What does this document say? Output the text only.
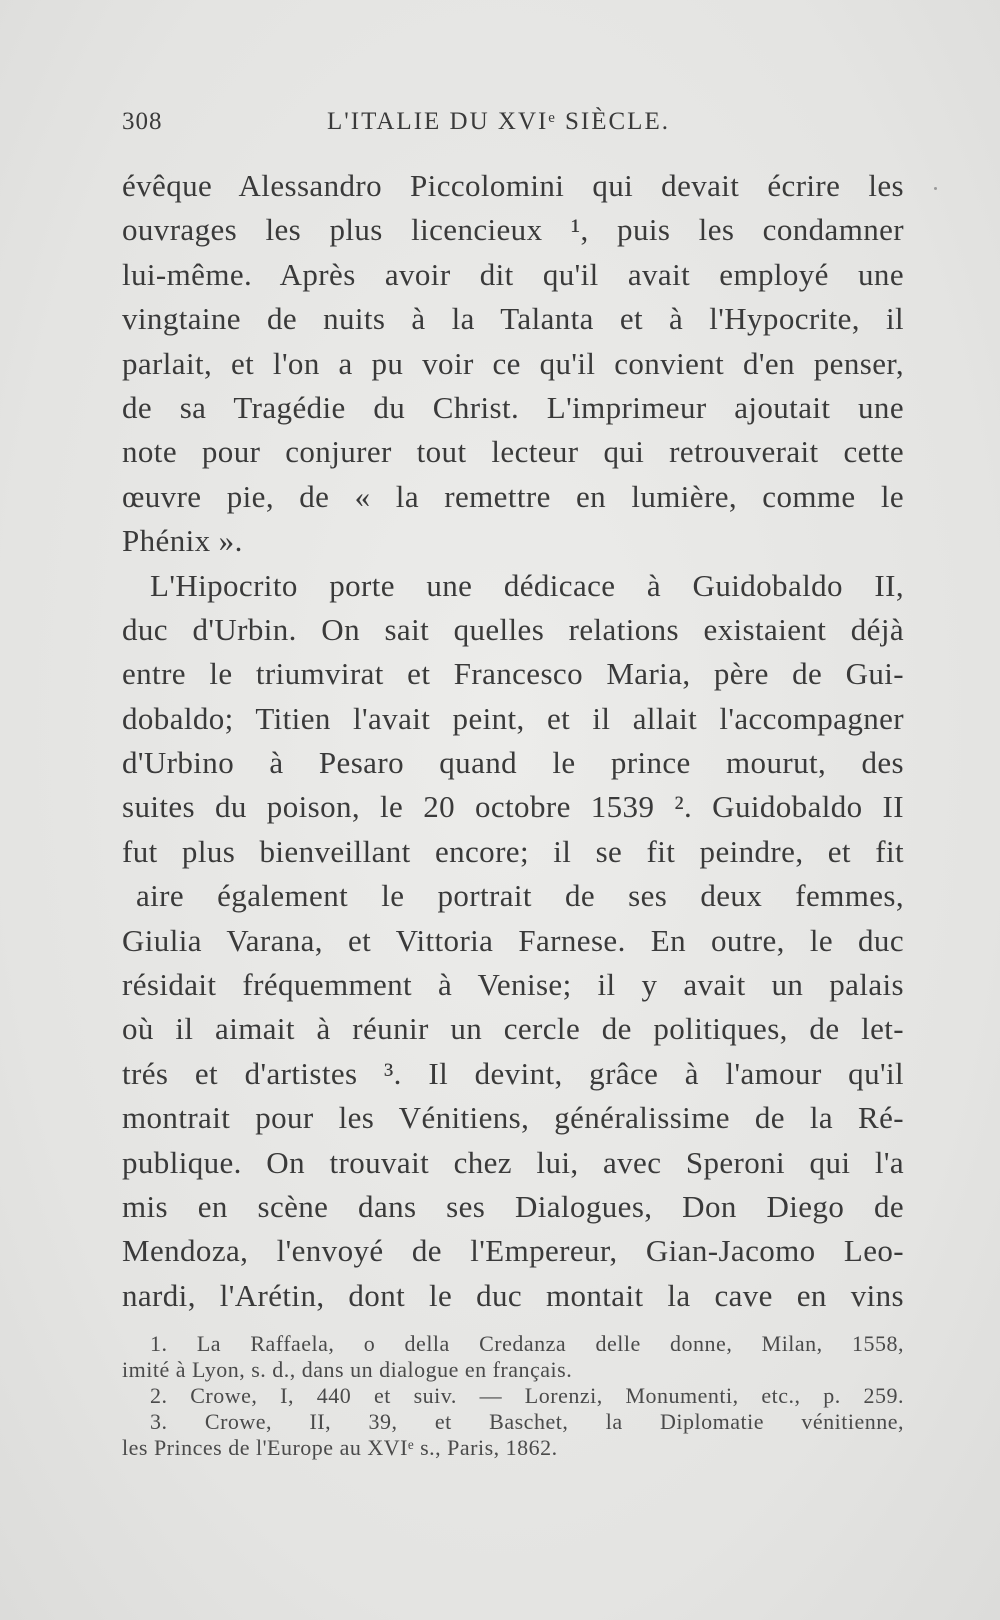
308	L'ITALIE DU XVIᵉ SIÈCLE.
évêque Alessandro Piccolomini qui devait écrire les
ouvrages les plus licencieux ¹, puis les condamner
lui-même. Après avoir dit qu'il avait employé une
vingtaine de nuits à la Talanta et à l'Hypocrite, il
parlait, et l'on a pu voir ce qu'il convient d'en penser,
de sa Tragédie du Christ. L'imprimeur ajoutait une
note pour conjurer tout lecteur qui retrouverait cette
œuvre pie, de « la remettre en lumière, comme le
Phénix ».
L'Hipocrito porte une dédicace à Guidobaldo II,
duc d'Urbin. On sait quelles relations existaient déjà
entre le triumvirat et Francesco Maria, père de Gui-
dobaldo; Titien l'avait peint, et il allait l'accompagner
d'Urbino à Pesaro quand le prince mourut, des
suites du poison, le 20 octobre 1539 ². Guidobaldo II
fut plus bienveillant encore; il se fit peindre, et fit
aire également le portrait de ses deux femmes,
Giulia Varana, et Vittoria Farnese. En outre, le duc
résidait fréquemment à Venise; il y avait un palais
où il aimait à réunir un cercle de politiques, de let-
trés et d'artistes ³. Il devint, grâce à l'amour qu'il
montrait pour les Vénitiens, généralissime de la Ré-
publique. On trouvait chez lui, avec Speroni qui l'a
mis en scène dans ses Dialogues, Don Diego de
Mendoza, l'envoyé de l'Empereur, Gian-Jacomo Leo-
nardi, l'Arétin, dont le duc montait la cave en vins
1. La Raffaela, o della Credanza delle donne, Milan, 1558,
imité à Lyon, s. d., dans un dialogue en français.
2. Crowe, I, 440 et suiv. — Lorenzi, Monumenti, etc., p. 259.
3. Crowe, II, 39, et Baschet, la Diplomatie vénitienne,
les Princes de l'Europe au XVIᵉ s., Paris, 1862.
